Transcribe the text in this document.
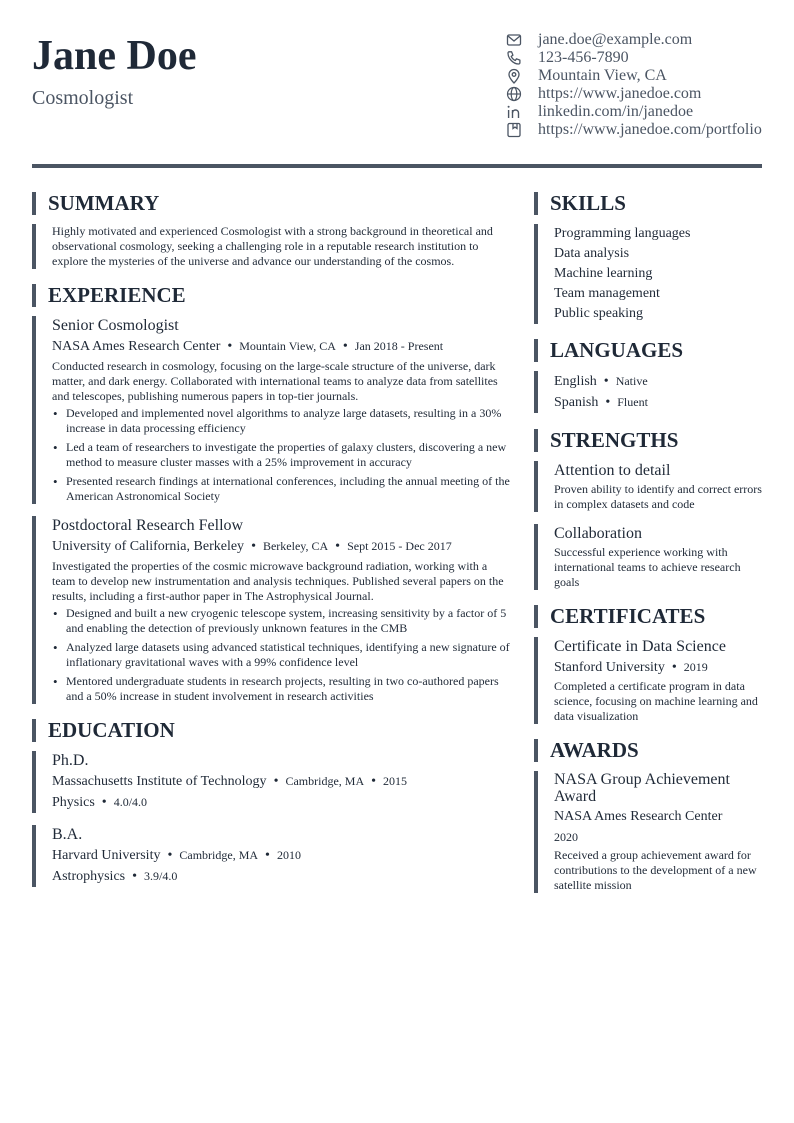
Jane Doe
Cosmologist
jane.doe@example.com
123-456-7890
Mountain View, CA
https://www.janedoe.com
linkedin.com/in/janedoe
https://www.janedoe.com/portfolio
SUMMARY
Highly motivated and experienced Cosmologist with a strong background in theoretical and observational cosmology, seeking a challenging role in a reputable research institution to explore the mysteries of the universe and advance our understanding of the cosmos.
EXPERIENCE
Senior Cosmologist
NASA Ames Research Center • Mountain View, CA • Jan 2018 - Present
Conducted research in cosmology, focusing on the large-scale structure of the universe, dark matter, and dark energy. Collaborated with international teams to analyze data from satellites and telescopes, publishing numerous papers in top-tier journals.
• Developed and implemented novel algorithms to analyze large datasets, resulting in a 30% increase in data processing efficiency
• Led a team of researchers to investigate the properties of galaxy clusters, discovering a new method to measure cluster masses with a 25% improvement in accuracy
• Presented research findings at international conferences, including the annual meeting of the American Astronomical Society
Postdoctoral Research Fellow
University of California, Berkeley • Berkeley, CA • Sept 2015 - Dec 2017
Investigated the properties of the cosmic microwave background radiation, working with a team to develop new instrumentation and analysis techniques. Published several papers on the results, including a first-author paper in The Astrophysical Journal.
• Designed and built a new cryogenic telescope system, increasing sensitivity by a factor of 5 and enabling the detection of previously unknown features in the CMB
• Analyzed large datasets using advanced statistical techniques, identifying a new signature of inflationary gravitational waves with a 99% confidence level
• Mentored undergraduate students in research projects, resulting in two co-authored papers and a 50% increase in student involvement in research activities
EDUCATION
Ph.D.
Massachusetts Institute of Technology • Cambridge, MA • 2015
Physics • 4.0/4.0
B.A.
Harvard University • Cambridge, MA • 2010
Astrophysics • 3.9/4.0
SKILLS
Programming languages
Data analysis
Machine learning
Team management
Public speaking
LANGUAGES
English • Native
Spanish • Fluent
STRENGTHS
Attention to detail
Proven ability to identify and correct errors in complex datasets and code
Collaboration
Successful experience working with international teams to achieve research goals
CERTIFICATES
Certificate in Data Science
Stanford University • 2019
Completed a certificate program in data science, focusing on machine learning and data visualization
AWARDS
NASA Group Achievement Award
NASA Ames Research Center
2020
Received a group achievement award for contributions to the development of a new satellite mission
